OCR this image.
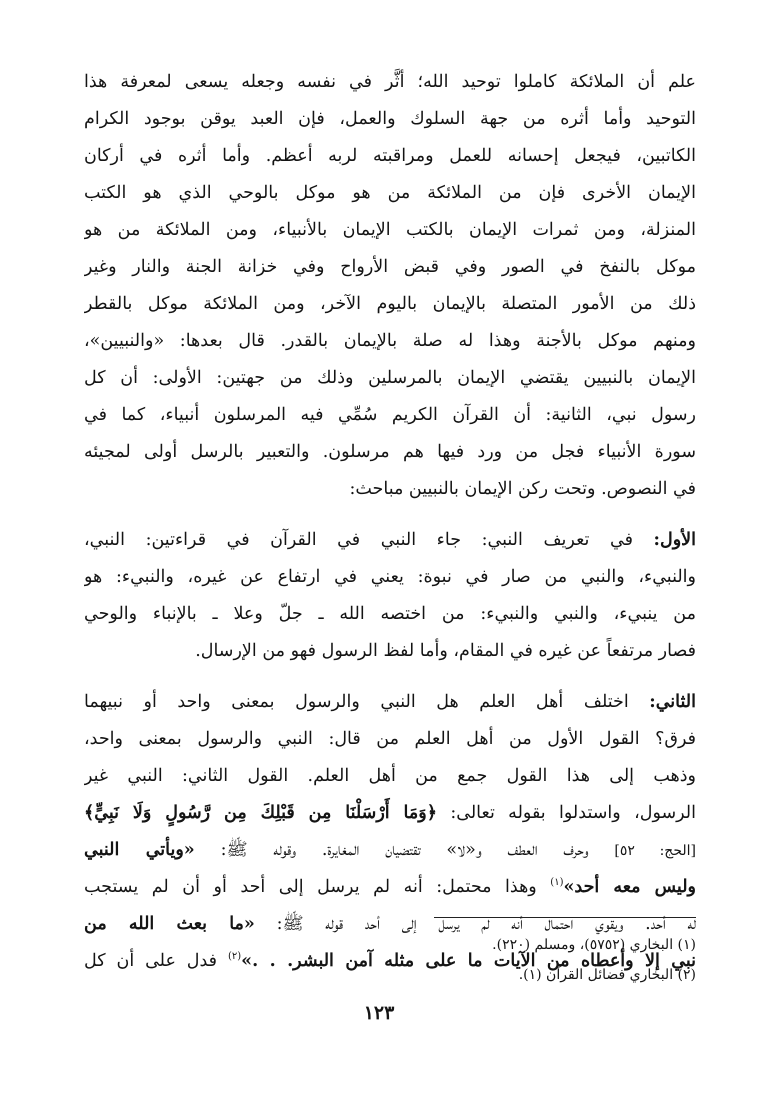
علم أن الملائكة كاملوا توحيد الله؛ أثَّر في نفسه وجعله يسعى لمعرفة هذا
التوحيد وأما أثره من جهة السلوك والعمل، فإن العبد يوقن بوجود الكرام
الكاتبين، فيجعل إحسانه للعمل ومراقبته لربه أعظم. وأما أثره في أركان
الإيمان الأخرى فإن من الملائكة من هو موكل بالوحي الذي هو الكتب
المنزلة، ومن ثمرات الإيمان بالكتب الإيمان بالأنبياء، ومن الملائكة من هو
موكل بالنفخ في الصور وفي قبض الأرواح وفي خزانة الجنة والنار وغير
ذلك من الأمور المتصلة بالإيمان باليوم الآخر، ومن الملائكة موكل بالقطر
ومنهم موكل بالأجنة وهذا له صلة بالإيمان بالقدر. قال بعدها: «والنبيين»،
الإيمان بالنبيين يقتضي الإيمان بالمرسلين وذلك من جهتين: الأولى: أن كل
رسول نبي، الثانية: أن القرآن الكريم سُمِّي فيه المرسلون أنبياء، كما في
سورة الأنبياء فجل من ورد فيها هم مرسلون. والتعبير بالرسل أولى لمجيئه
في النصوص. وتحت ركن الإيمان بالنبيين مباحث:
الأول: في تعريف النبي: جاء النبي في القرآن في قراءتين: النبي،
والنبيء، والنبي من صار في نبوة: يعني في ارتفاع عن غيره، والنبيء: هو
من ينبيء، والنبي والنبيء: من اختصه الله ـ جلّ وعلا ـ بالإنباء والوحي
فصار مرتفعاً عن غيره في المقام، وأما لفظ الرسول فهو من الإرسال.
الثاني: اختلف أهل العلم هل النبي والرسول بمعنى واحد أو نبيهما
فرق؟ القول الأول من أهل العلم من قال: النبي والرسول بمعنى واحد،
وذهب إلى هذا القول جمع من أهل العلم. القول الثاني: النبي غير
الرسول، واستدلوا بقوله تعالى: ﴿وَمَا أَرْسَلْنَا مِن قَبْلِكَ مِن رَّسُولٍ وَلَا نَبِيٍّ﴾
[الحج: ٥٢] وحرف العطف و«لا» تقتضيان المغايرة. وقوله ﷺ: «ويأتي النبي
وليس معه أحد»$^{(١)}$ وهذا محتمل: أنه لم يرسل إلى أحد أو أن لم يستجب
له أحد. ويقوي احتمال أنه لم يرسل إلى أحد قوله ﷺ: «ما بعث الله من
نبي إلا وأعطاه من الآيات ما على مثله آمن البشر. . .»$^{(٢)}$ فدل على أن كل
(١) البخاري (٥٧٥٢)، ومسلم (٢٢٠).
(٢) البخاري فضائل القرآن (١).
١٢٣
